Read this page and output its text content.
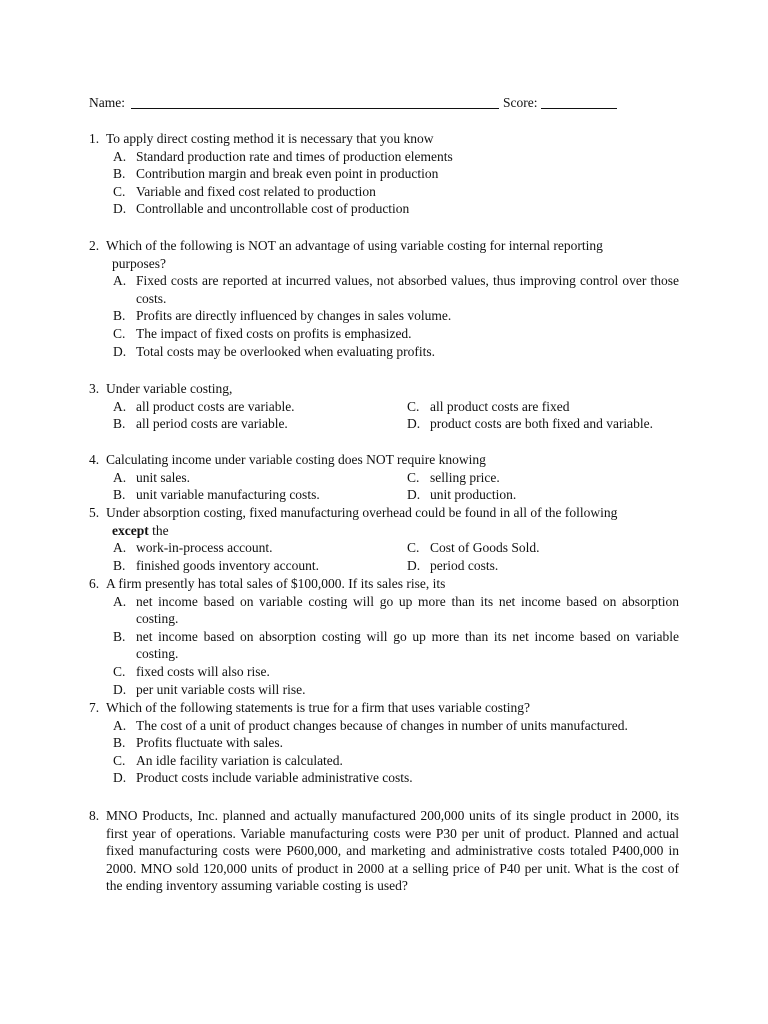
Name:	Score:
1. To apply direct costing method it is necessary that you know
A. Standard production rate and times of production elements
B. Contribution margin and break even point in production
C. Variable and fixed cost related to production
D. Controllable and uncontrollable cost of production
2. Which of the following is NOT an advantage of using variable costing for internal reporting
purposes?
A. Fixed costs are reported at incurred values, not absorbed values, thus improving control over those costs.
B. Profits are directly influenced by changes in sales volume.
C. The impact of fixed costs on profits is emphasized.
D. Total costs may be overlooked when evaluating profits.
3. Under variable costing,
A. all product costs are variable.	C. all product costs are fixed
B. all period costs are variable.	D. product costs are both fixed and variable.
4. Calculating income under variable costing does NOT require knowing
A. unit sales.	C. selling price.
B. unit variable manufacturing costs.	D. unit production.
5. Under absorption costing, fixed manufacturing overhead could be found in all of the following
except the
A. work-in-process account.	C. Cost of Goods Sold.
B. finished goods inventory account.	D. period costs.
6. A firm presently has total sales of $100,000. If its sales rise, its
A. net income based on variable costing will go up more than its net income based on absorption costing.
B. net income based on absorption costing will go up more than its net income based on variable costing.
C. fixed costs will also rise.
D. per unit variable costs will rise.
7. Which of the following statements is true for a firm that uses variable costing?
A. The cost of a unit of product changes because of changes in number of units manufactured.
B. Profits fluctuate with sales.
C. An idle facility variation is calculated.
D. Product costs include variable administrative costs.
8. MNO Products, Inc. planned and actually manufactured 200,000 units of its single product in 2000, its first year of operations. Variable manufacturing costs were P30 per unit of product. Planned and actual fixed manufacturing costs were P600,000, and marketing and administrative costs totaled P400,000 in 2000. MNO sold 120,000 units of product in 2000 at a selling price of P40 per unit. What is the cost of the ending inventory assuming variable costing is used?
